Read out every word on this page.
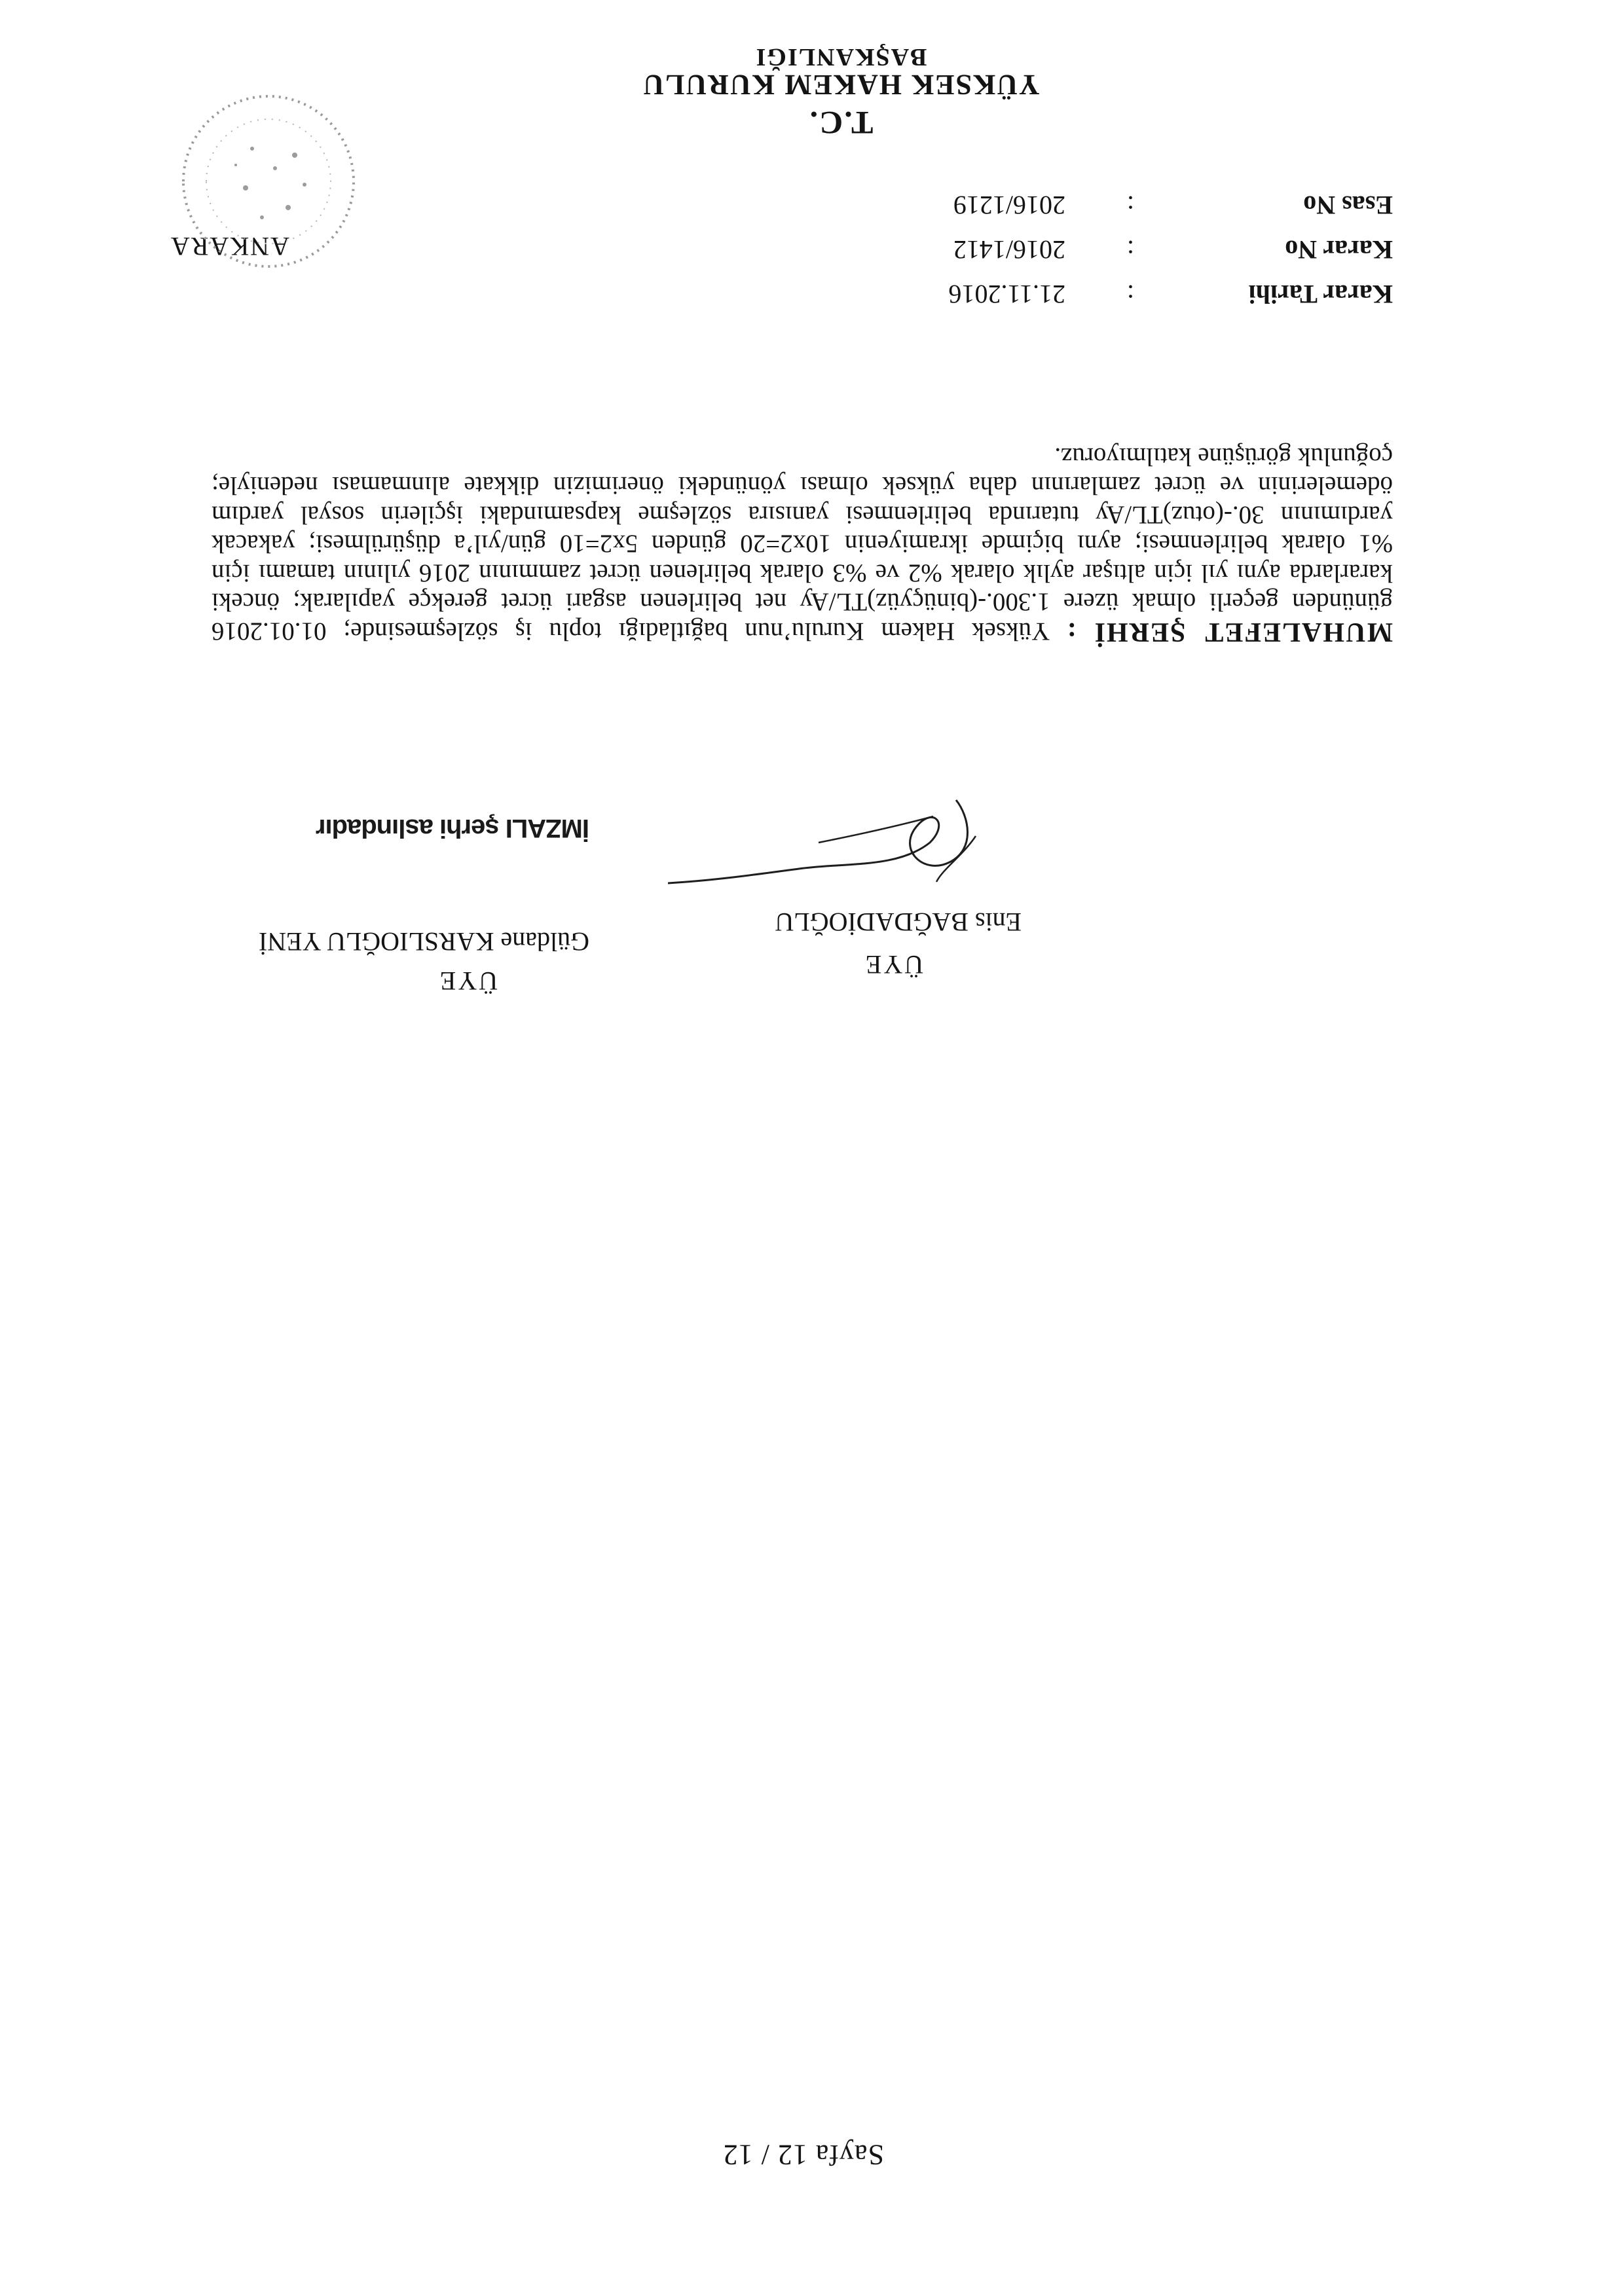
T.C.
YÜKSEK HAKEM KURULU
BAŞKANLIĞI
Esas No
:
2016/1219
Karar No
:
2016/1412
Karar Tarihi
:
21.11.2016
ANKARA
MUHALEFET ŞERHİ : Yüksek Hakem Kurulu’nun bağıtladığı toplu iş sözleşmesinde; 01.01.2016 gününden geçerli olmak üzere 1.300.-(binüçyüz)TL/Ay net belirlenen asgari ücret gerekçe yapılarak; önceki kararlarda aynı yıl için altışar aylık olarak %2 ve %3 olarak belirlenen ücret zammının 2016 yılının tamamı için %1 olarak belirlenmesi; aynı biçimde ikramiyenin 10x2=20 günden 5x2=10 gün/yıl’a düşürülmesi; yakacak yardımının 30.-(otuz)TL/Ay tutarında belirlenmesi yanısıra sözleşme kapsamındaki işçilerin sosyal yardım ödemelerinin ve ücret zamlarının daha yüksek olması yönündeki önerimizin dikkate alınmaması nedeniyle; çoğunluk görüşüne katılmıyoruz.
İMZALI şerhi aslındadır
Enis BAĞDADİOĞLU
ÜYE
Güldane KARSLIOĞLU YENİ
ÜYE
Sayfa 12 / 12
